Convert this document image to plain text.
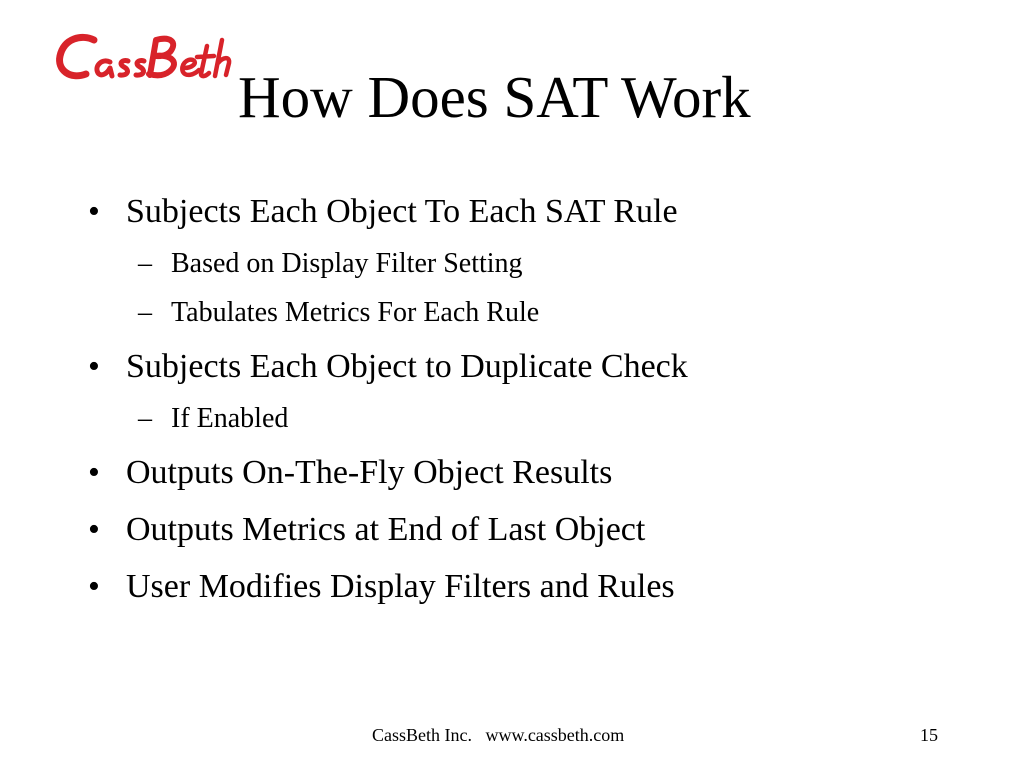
How Does SAT Work
• Subjects Each Object To Each SAT Rule
– Based on Display Filter Setting
– Tabulates Metrics For Each Rule
• Subjects Each Object to Duplicate Check
– If Enabled
• Outputs On-The-Fly Object Results
• Outputs Metrics at End of Last Object
• User Modifies Display Filters and Rules
CassBeth Inc. www.cassbeth.com	15
